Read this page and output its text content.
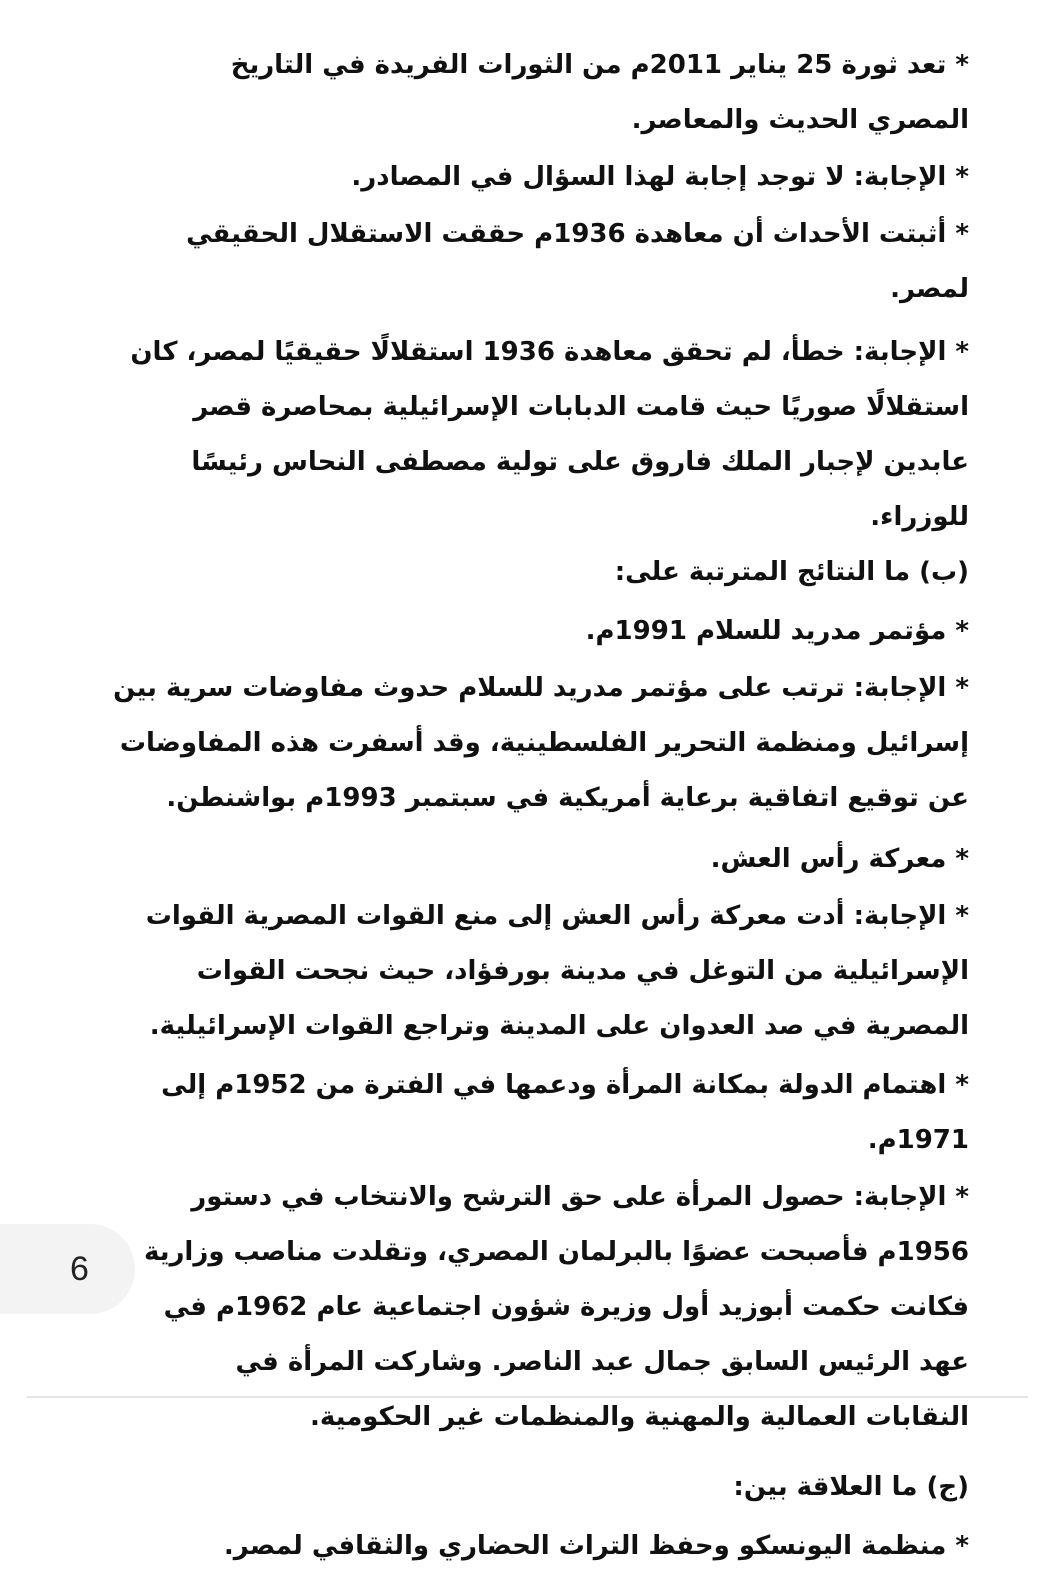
* تعد ثورة 25 يناير 2011م من الثورات الفريدة في التاريخ المصري الحديث والمعاصر.

* الإجابة: لا توجد إجابة لهذا السؤال في المصادر.

* أثبتت الأحداث أن معاهدة 1936م حققت الاستقلال الحقيقي لمصر.

* الإجابة: خطأ، لم تحقق معاهدة 1936 استقلالًا حقيقيًا لمصر، كان استقلالًا صوريًا حيث قامت الدبابات الإسرائيلية بمحاصرة قصر عابدين لإجبار الملك فاروق على تولية مصطفى النحاس رئيسًا للوزراء.

(ب) ما النتائج المترتبة على:

* مؤتمر مدريد للسلام 1991م.

* الإجابة: ترتب على مؤتمر مدريد للسلام حدوث مفاوضات سرية بين إسرائيل ومنظمة التحرير الفلسطينية، وقد أسفرت هذه المفاوضات عن توقيع اتفاقية برعاية أمريكية في سبتمبر 1993م بواشنطن.

* معركة رأس العش.

* الإجابة: أدت معركة رأس العش إلى منع القوات المصرية القوات الإسرائيلية من التوغل في مدينة بورفؤاد، حيث نجحت القوات المصرية في صد العدوان على المدينة وتراجع القوات الإسرائيلية.

* اهتمام الدولة بمكانة المرأة ودعمها في الفترة من 1952م إلى 1971م.

* الإجابة: حصول المرأة على حق الترشح والانتخاب في دستور 1956م فأصبحت عضوًا بالبرلمان المصري، وتقلدت مناصب وزارية فكانت حكمت أبوزيد أول وزيرة شؤون اجتماعية عام 1962م في عهد الرئيس السابق جمال عبد الناصر. وشاركت المرأة في النقابات العمالية والمهنية والمنظمات غير الحكومية.

6

(ج) ما العلاقة بين:

* منظمة اليونسكو وحفظ التراث الحضاري والثقافي لمصر.
